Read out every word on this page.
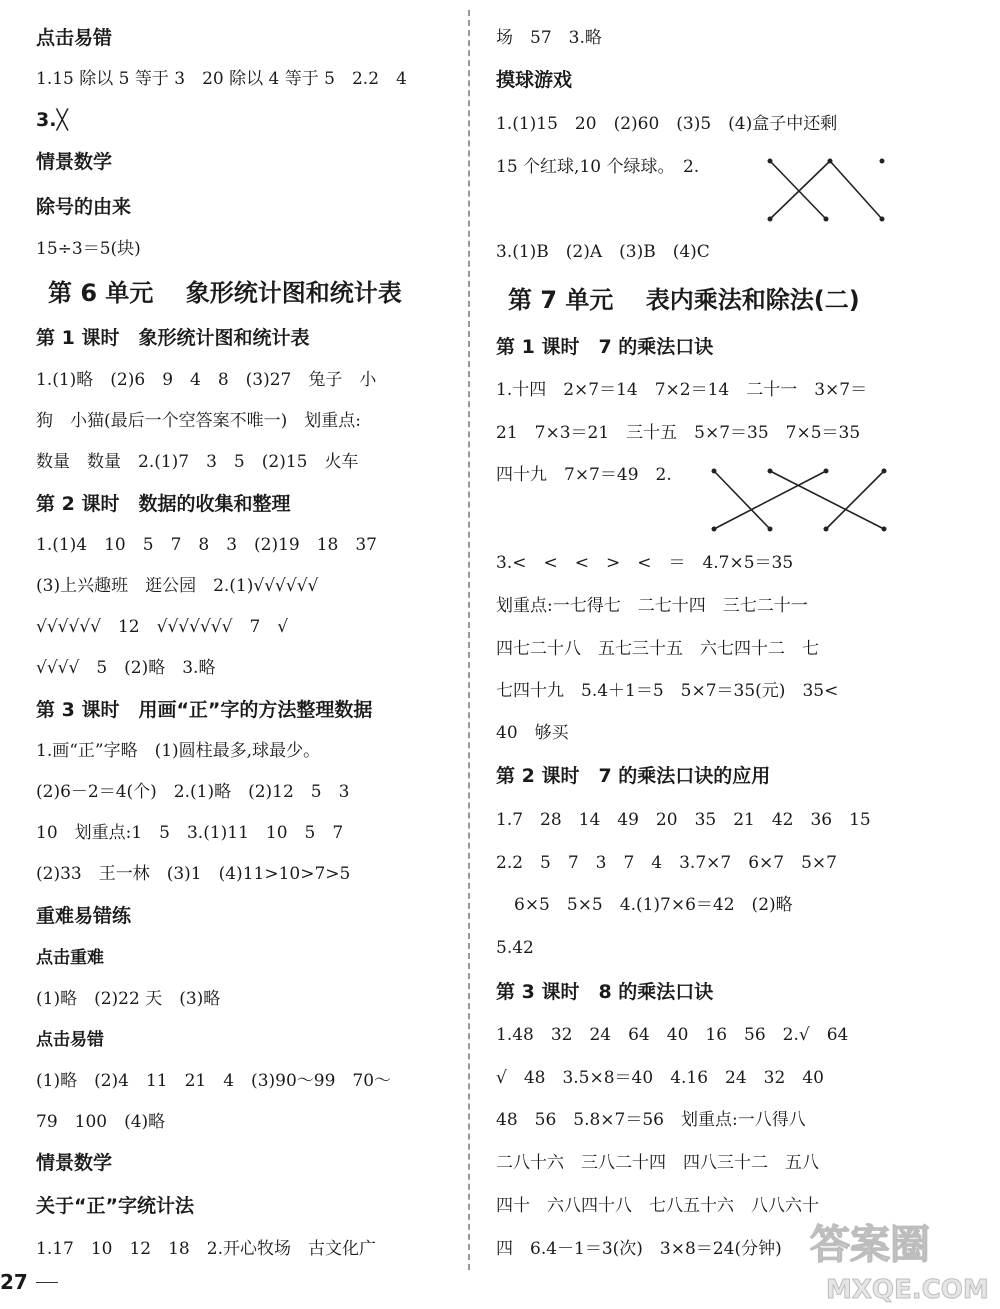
点击易错
1.15 除以 5 等于 3　20 除以 4 等于 5　2.2　4
3.╳
情景数学
除号的由来
15÷3＝5(块)
第 6 单元　 象形统计图和统计表
第 1 课时　象形统计图和统计表
1.(1)略　(2)6　9　4　8　(3)27　兔子　小
狗　小猫(最后一个空答案不唯一)　划重点:
数量　数量　2.(1)7　3　5　(2)15　火车
第 2 课时　数据的收集和整理
1.(1)4　10　5　7　8　3　(2)19　18　37
(3)上兴趣班　逛公园　2.(1)√√√√√√
√√√√√√　12　√√√√√√√　7　√
√√√√　5　(2)略　3.略
第 3 课时　用画“正”字的方法整理数据
1.画“正”字略　(1)圆柱最多,球最少。
(2)6－2＝4(个)　2.(1)略　(2)12　5　3
10　划重点:1　5　3.(1)11　10　5　7
(2)33　王一林　(3)1　(4)11>10>7>5
重难易错练
点击重难
(1)略　(2)22 天　(3)略
点击易错
(1)略　(2)4　11　21　4　(3)90～99　70～
79　100　(4)略
情景数学
关于“正”字统计法
1.17　10　12　18　2.开心牧场　古文化广
场　57　3.略
摸球游戏
1.(1)15　20　(2)60　(3)5　(4)盒子中还剩
15 个红球,10 个绿球。　2.
3.(1)B　(2)A　(3)B　(4)C
第 7 单元　 表内乘法和除法(二)
第 1 课时　7 的乘法口诀
1.十四　2×7＝14　7×2＝14　二十一　3×7＝
21　7×3＝21　三十五　5×7＝35　7×5＝35
四十九　7×7＝49　2.
3.<　<　<　>　<　＝　4.7×5＝35
划重点:一七得七　二七十四　三七二十一
四七二十八　五七三十五　六七四十二　七
七四十九　5.4＋1＝5　5×7＝35(元)　35<
40　够买
第 2 课时　7 的乘法口诀的应用
1.7　28　14　49　20　35　21　42　36　15
2.2　5　7　3　7　4　3.7×7　6×7　5×7
6×5　5×5　4.(1)7×6＝42　(2)略
5.42
第 3 课时　8 的乘法口诀
1.48　32　24　64　40　16　56　2.√　64
√　48　3.5×8＝40　4.16　24　32　40
48　56　5.8×7＝56　划重点:一八得八
二八十六　三八二十四　四八三十二　五八
四十　六八四十八　七八五十六　八八六十
四　6.4－1＝3(次)　3×8＝24(分钟)
27
答案圈
MXQE.COM
